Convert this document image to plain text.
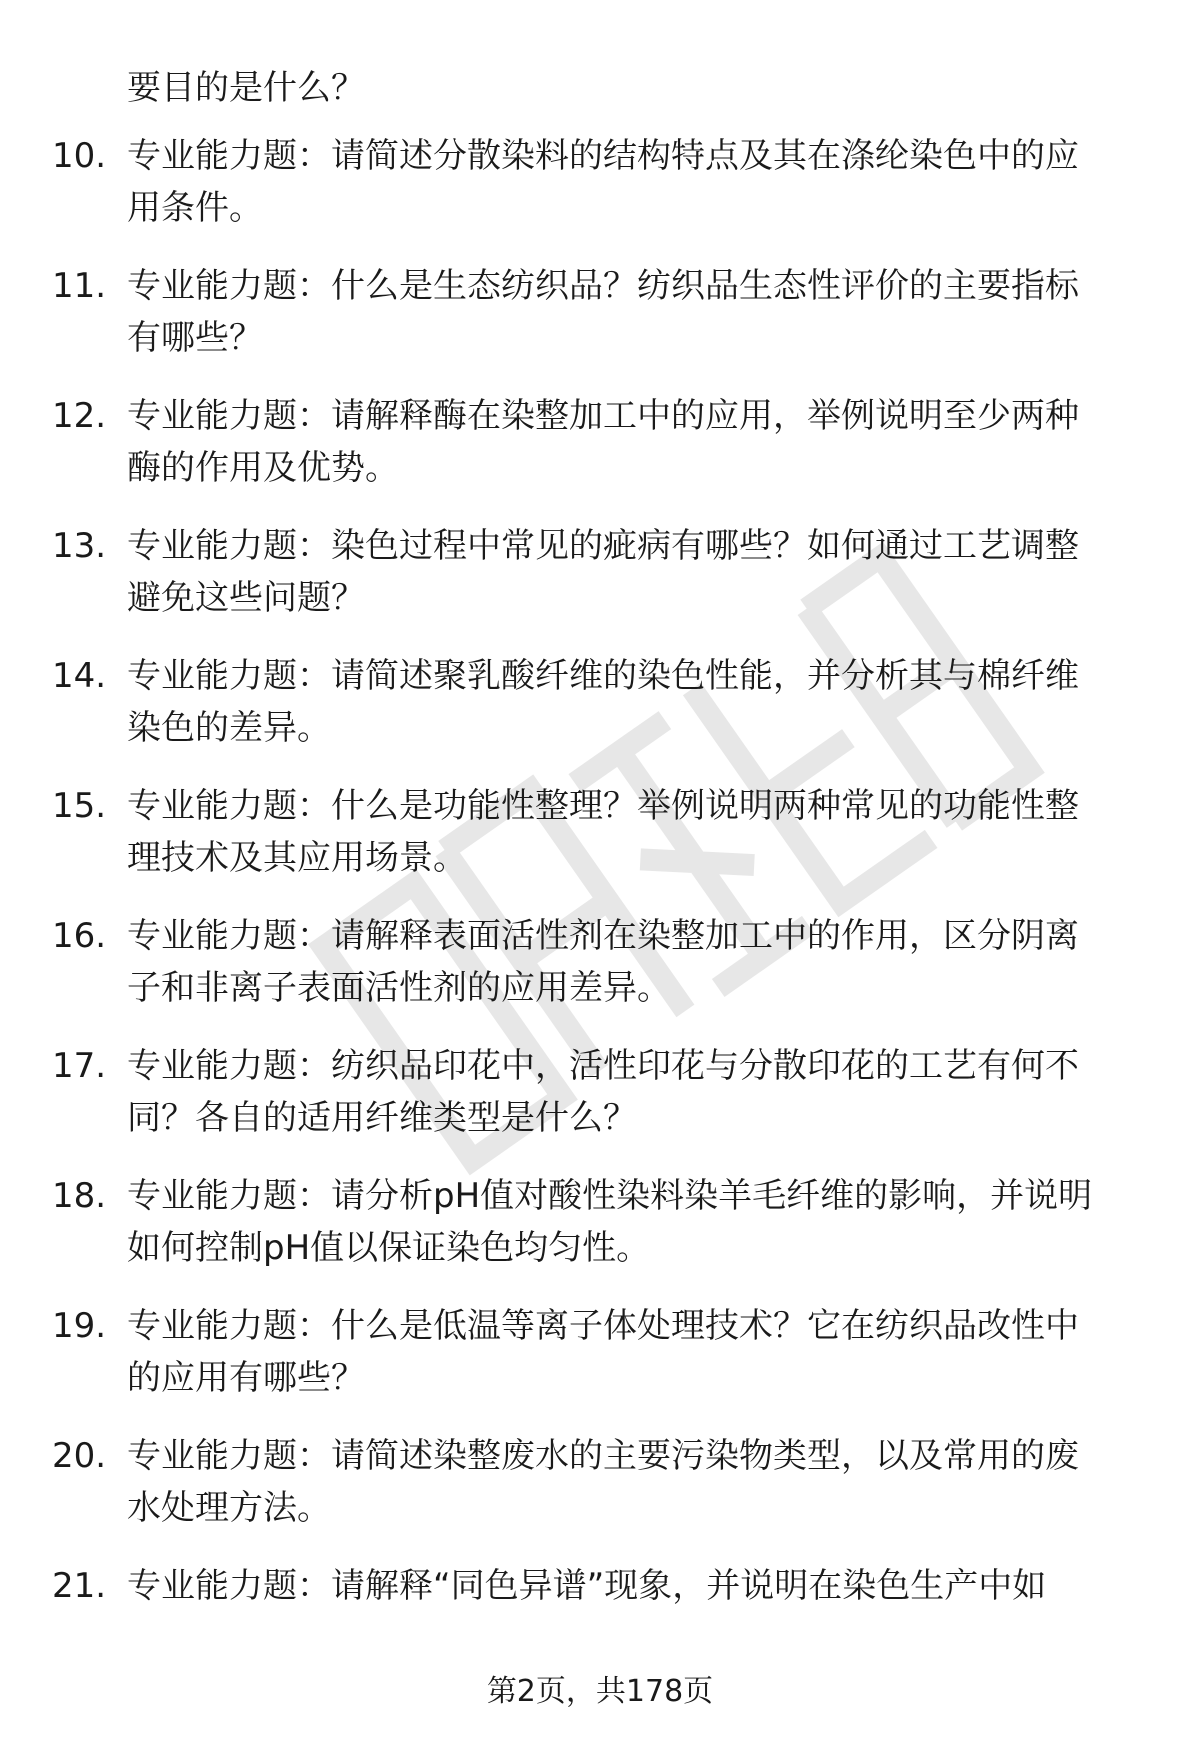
要目的是什么？
10. 专业能力题：请简述分散染料的结构特点及其在涤纶染色中的应
用条件。
11. 专业能力题：什么是生态纺织品？纺织品生态性评价的主要指标
有哪些？
12. 专业能力题：请解释酶在染整加工中的应用，举例说明至少两种
酶的作用及优势。
13. 专业能力题：染色过程中常见的疵病有哪些？如何通过工艺调整
避免这些问题？
14. 专业能力题：请简述聚乳酸纤维的染色性能，并分析其与棉纤维
染色的差异。
15. 专业能力题：什么是功能性整理？举例说明两种常见的功能性整
理技术及其应用场景。
16. 专业能力题：请解释表面活性剂在染整加工中的作用，区分阴离
子和非离子表面活性剂的应用差异。
17. 专业能力题：纺织品印花中，活性印花与分散印花的工艺有何不
同？各自的适用纤维类型是什么？
18. 专业能力题：请分析pH值对酸性染料染羊毛纤维的影响，并说明
如何控制pH值以保证染色均匀性。
19. 专业能力题：什么是低温等离子体处理技术？它在纺织品改性中
的应用有哪些？
20. 专业能力题：请简述染整废水的主要污染物类型，以及常用的废
水处理方法。
21. 专业能力题：请解释“同色异谱”现象，并说明在染色生产中如
第2页，共178页
